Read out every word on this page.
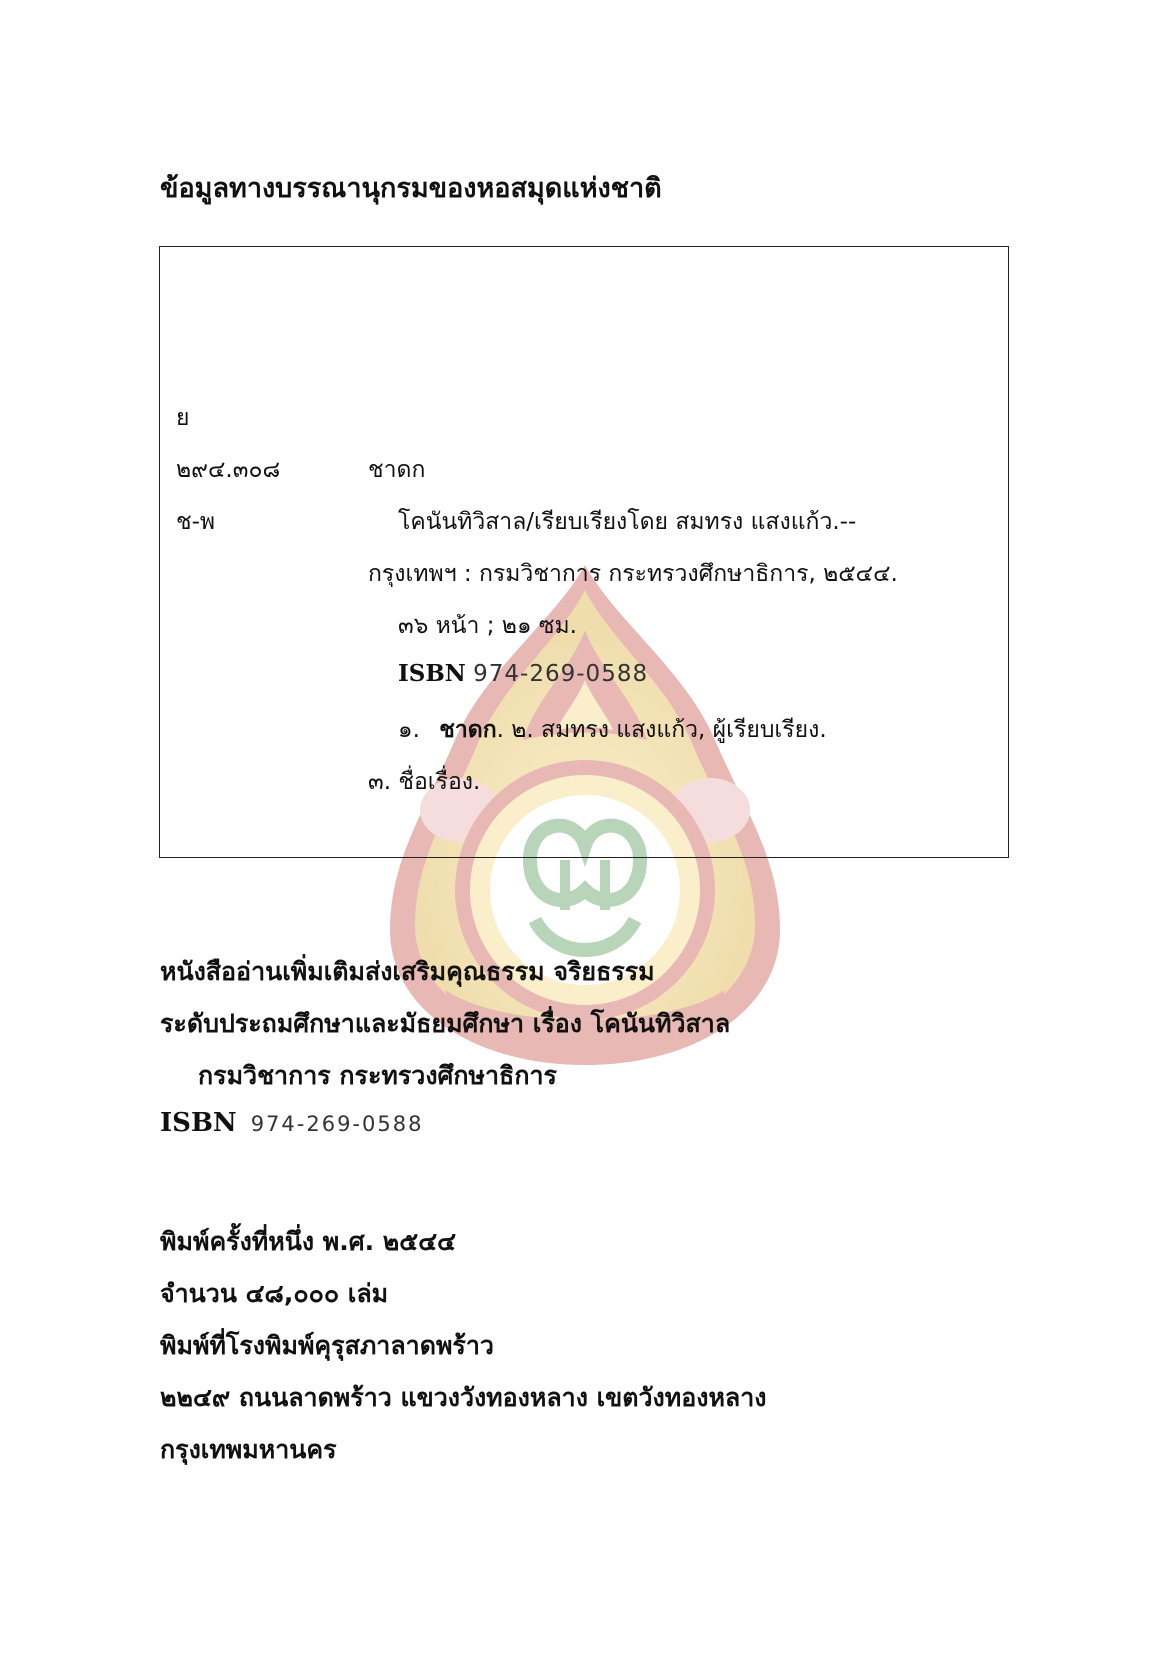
ข้อมูลทางบรรณานุกรมของหอสมุดแห่งชาติ
ย
๒๙๔.๓๐๘	ชาดก
ช-พ	โคนันทิวิสาล/เรียบเรียงโดย สมทรง แสงแก้ว.--
กรุงเทพฯ : กรมวิชาการ กระทรวงศึกษาธิการ, ๒๕๔๔.
๓๖ หน้า ; ๒๑ ซม.
ISBN 974-269-0588
๑. ชาดก. ๒. สมทรง แสงแก้ว, ผู้เรียบเรียง.
๓. ชื่อเรื่อง.
หนังสืออ่านเพิ่มเติมส่งเสริมคุณธรรม จริยธรรม
ระดับประถมศึกษาและมัธยมศึกษา เรื่อง โคนันทิวิสาล
กรมวิชาการ กระทรวงศึกษาธิการ
ISBN 974-269-0588
พิมพ์ครั้งที่หนึ่ง พ.ศ. ๒๕๔๔
จำนวน ๔๘,๐๐๐ เล่ม
พิมพ์ที่โรงพิมพ์คุรุสภาลาดพร้าว
๒๒๔๙ ถนนลาดพร้าว แขวงวังทองหลาง เขตวังทองหลาง
กรุงเทพมหานคร
